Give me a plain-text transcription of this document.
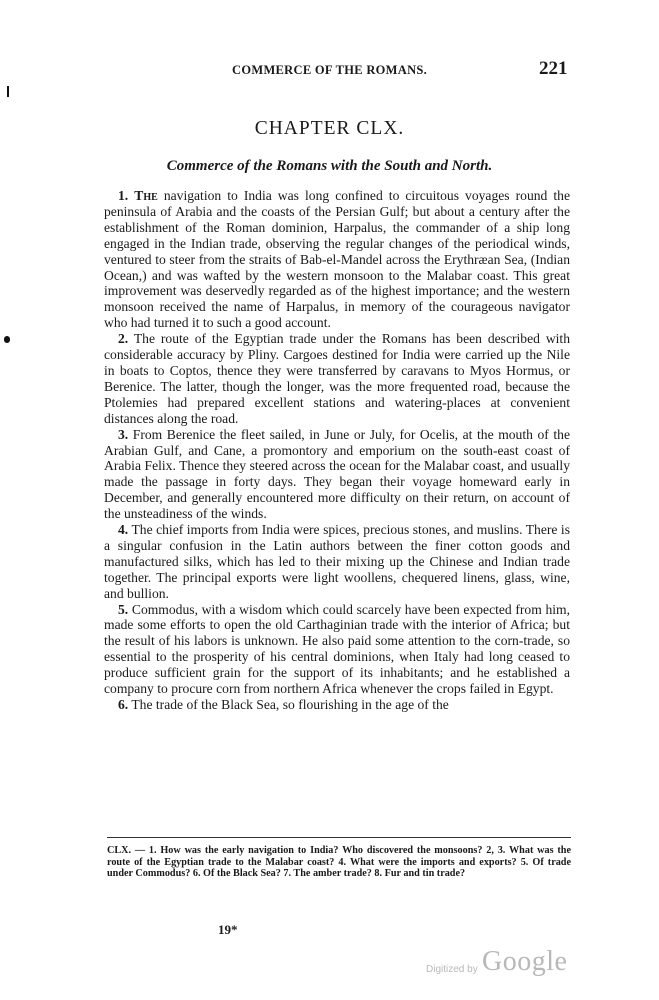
COMMERCE OF THE ROMANS.	221
CHAPTER CLX.
Commerce of the Romans with the South and North.

1. The navigation to India was long confined to circuitous voyages round the peninsula of Arabia and the coasts of the Persian Gulf; but about a century after the establishment of the Roman dominion, Harpalus, the commander of a ship long engaged in the Indian trade, observing the regular changes of the periodical winds, ventured to steer from the straits of Bab-el-Mandel across the Erythræan Sea, (Indian Ocean,) and was wafted by the western monsoon to the Malabar coast. This great improvement was deservedly regarded as of the highest importance; and the western monsoon received the name of Harpalus, in memory of the courageous navigator who had turned it to such a good account.

2. The route of the Egyptian trade under the Romans has been described with considerable accuracy by Pliny. Cargoes destined for India were carried up the Nile in boats to Coptos, thence they were transferred by caravans to Myos Hormus, or Berenice. The latter, though the longer, was the more frequented road, because the Ptolemies had prepared excellent stations and watering-places at convenient distances along the road.

3. From Berenice the fleet sailed, in June or July, for Ocelis, at the mouth of the Arabian Gulf, and Cane, a promontory and emporium on the south-east coast of Arabia Felix. Thence they steered across the ocean for the Malabar coast, and usually made the passage in forty days. They began their voyage homeward early in December, and generally encountered more difficulty on their return, on account of the unsteadiness of the winds.

4. The chief imports from India were spices, precious stones, and muslins. There is a singular confusion in the Latin authors between the finer cotton goods and manufactured silks, which has led to their mixing up the Chinese and Indian trade together. The principal exports were light woollens, chequered linens, glass, wine, and bullion.

5. Commodus, with a wisdom which could scarcely have been expected from him, made some efforts to open the old Carthaginian trade with the interior of Africa; but the result of his labors is unknown. He also paid some attention to the corn-trade, so essential to the prosperity of his central dominions, when Italy had long ceased to produce sufficient grain for the support of its inhabitants; and he established a company to procure corn from northern Africa whenever the crops failed in Egypt.

6. The trade of the Black Sea, so flourishing in the age of the

CLX. — 1. How was the early navigation to India? Who discovered the monsoons? 2, 3. What was the route of the Egyptian trade to the Malabar coast? 4. What were the imports and exports? 5. Of trade under Commodus? 6. Of the Black Sea? 7. The amber trade? 8. Fur and tin trade?
19*
Digitized by Google
